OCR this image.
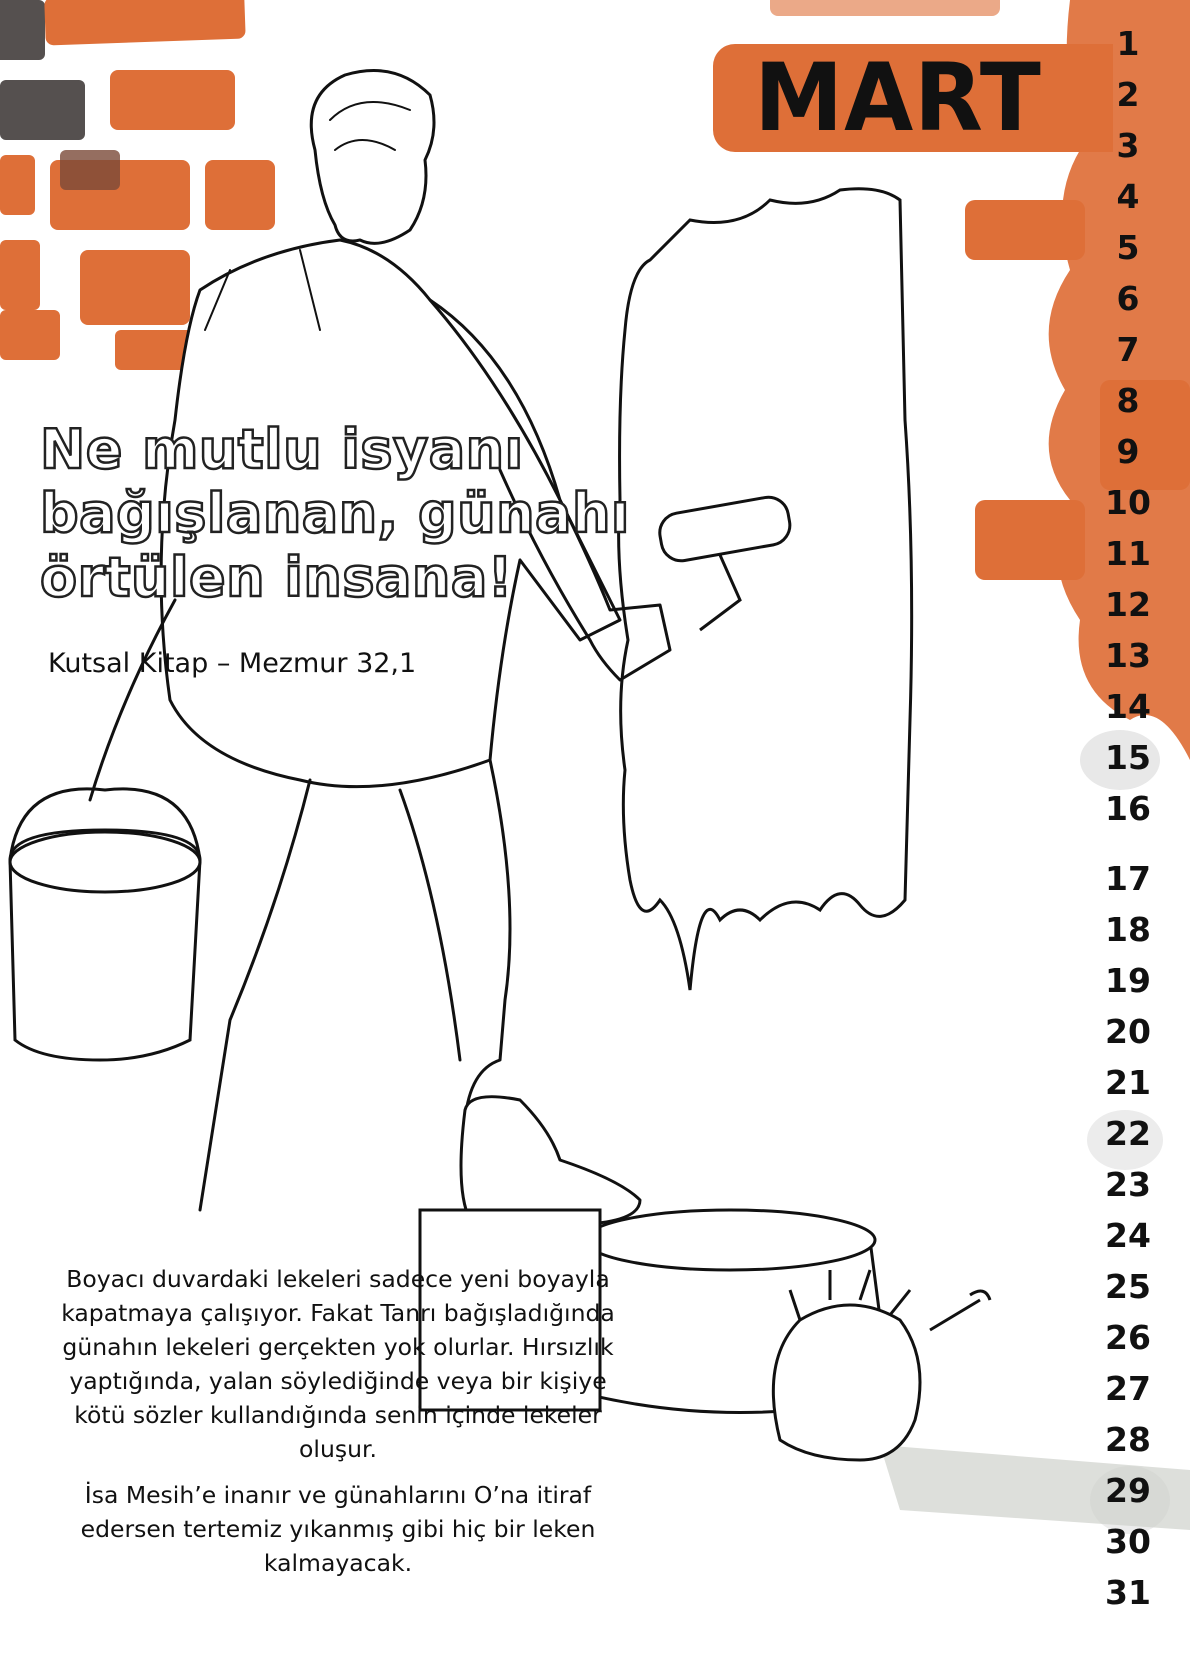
MART	1
2
3
4
5
6
7
8
9
10
11
12
13
14
15
16
17
18
19
20
21
22
23
24
25
26
27
28
29
30
31
Ne mutlu isyanı
bağışlanan, günahı
örtülen insana!
Kutsal Kitap – Mezmur 32,1

Boyacı duvardaki lekeleri sadece yeni boyayla kapatmaya çalışıyor. Fakat Tanrı bağışladığında günahın lekeleri gerçekten yok olurlar. Hırsızlık yaptığında, yalan söylediğinde veya bir kişiye kötü sözler kullandığında senin içinde lekeler oluşur.

İsa Mesih’e inanır ve günahlarını O’na itiraf edersen tertemiz yıkanmış gibi hiç bir leken kalmayacak.
